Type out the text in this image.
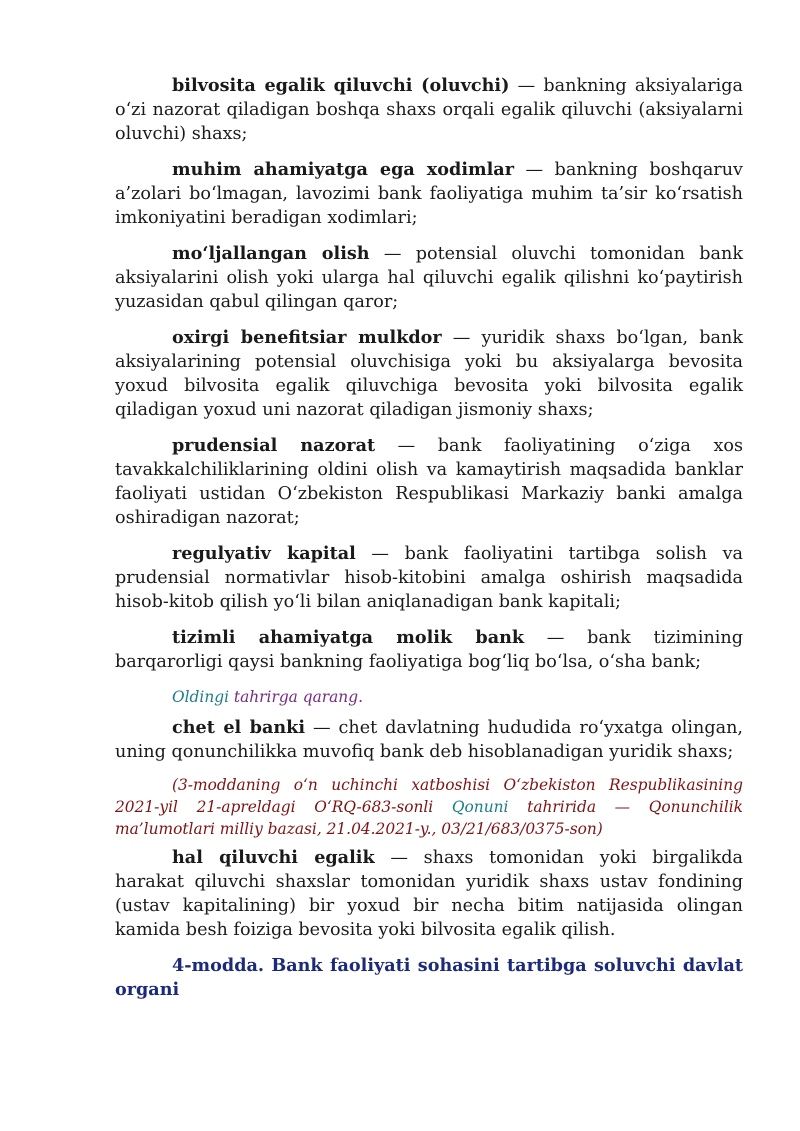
bilvosita egalik qiluvchi (oluvchi) — bankning aksiyalariga o‘zi nazorat qiladigan boshqa shaxs orqali egalik qiluvchi (aksiyalarni oluvchi) shaxs;

muhim ahamiyatga ega xodimlar — bankning boshqaruv a’zolari bo‘lmagan, lavozimi bank faoliyatiga muhim ta’sir ko‘rsatish imkoniyatini beradigan xodimlari;

mo‘ljallangan olish — potensial oluvchi tomonidan bank aksiyalarini olish yoki ularga hal qiluvchi egalik qilishni ko‘paytirish yuzasidan qabul qilingan qaror;

oxirgi benefitsiar mulkdor — yuridik shaxs bo‘lgan, bank aksiyalarining potensial oluvchisiga yoki bu aksiyalarga bevosita yoxud bilvosita egalik qiluvchiga bevosita yoki bilvosita egalik qiladigan yoxud uni nazorat qiladigan jismoniy shaxs;

prudensial nazorat — bank faoliyatining o‘ziga xos tavakkalchiliklarining oldini olish va kamaytirish maqsadida banklar faoliyati ustidan O‘zbekiston Respublikasi Markaziy banki amalga oshiradigan nazorat;

regulyativ kapital — bank faoliyatini tartibga solish va prudensial normativlar hisob-kitobini amalga oshirish maqsadida hisob-kitob qilish yo‘li bilan aniqlanadigan bank kapitali;

tizimli ahamiyatga molik bank — bank tizimining barqarorligi qaysi bankning faoliyatiga bog‘liq bo‘lsa, o‘sha bank;

Oldingi tahrirga qarang.

chet el banki — chet davlatning hududida ro‘yxatga olingan, uning qonunchilikka muvofiq bank deb hisoblanadigan yuridik shaxs;

(3-moddaning o‘n uchinchi xatboshisi O‘zbekiston Respublikasining 2021-yil 21-apreldagi O‘RQ-683-sonli Qonuni tahririda — Qonunchilik ma’lumotlari milliy bazasi, 21.04.2021-y., 03/21/683/0375-son)

hal qiluvchi egalik — shaxs tomonidan yoki birgalikda harakat qiluvchi shaxslar tomonidan yuridik shaxs ustav fondining (ustav kapitalining) bir yoxud bir necha bitim natijasida olingan kamida besh foiziga bevosita yoki bilvosita egalik qilish.

4-modda. Bank faoliyati sohasini tartibga soluvchi davlat organi
